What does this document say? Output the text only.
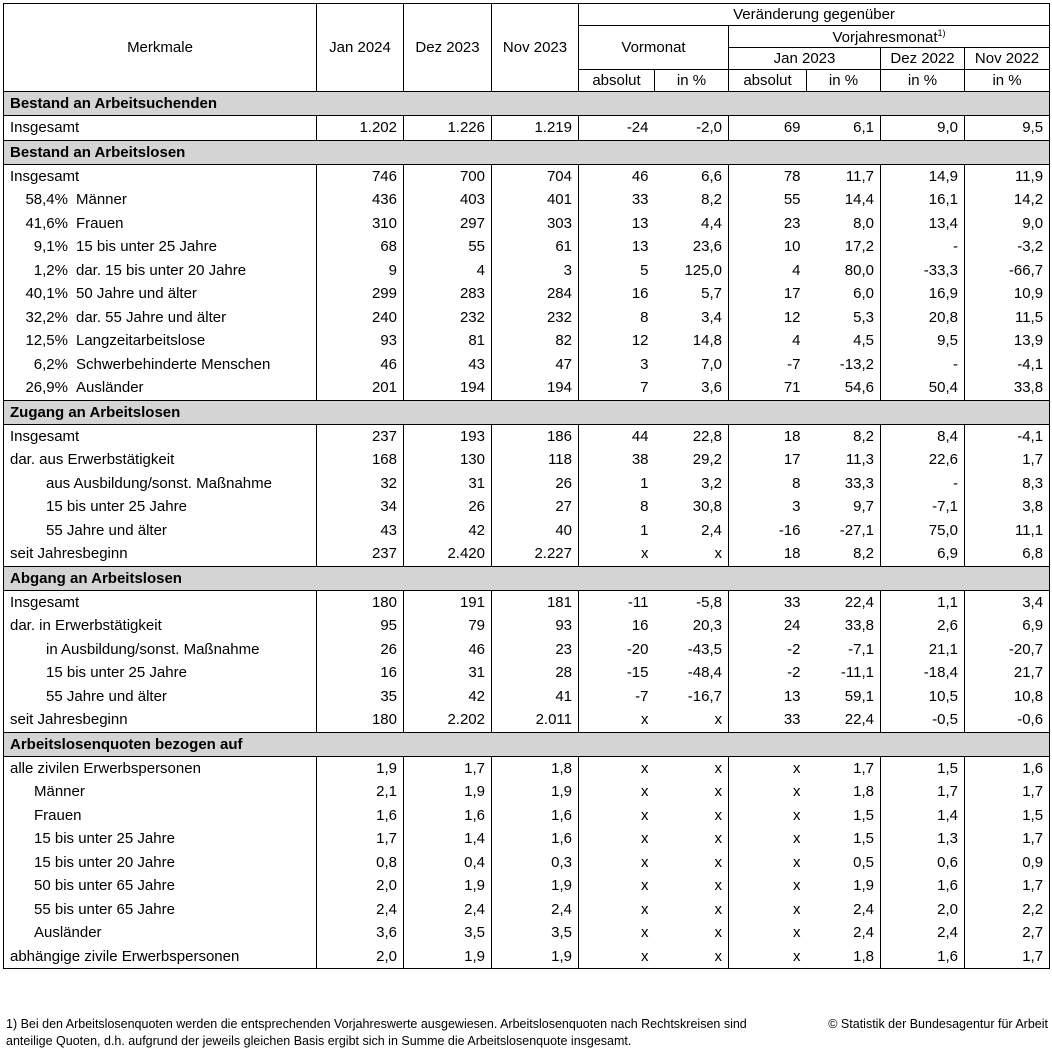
Merkmale	Jan 2024	Dez 2023	Nov 2023	Veränderung gegenüber					
				Vormonat		Vorjahresmonat$^{1)}$
						Jan 2023		Dez 2022	Nov 2022
				absolut	in %	absolut	in %	in %	in %
Bestand an Arbeitsuchenden									
Insgesamt	1.202	1.226	1.219	-24	-2,0	69	6,1	9,0	9,5
Bestand an Arbeitslosen									
Insgesamt	746	700	704	46	6,6	78	11,7	14,9	11,9
58,4% Männer	436	403	401	33	8,2	55	14,4	16,1	14,2
41,6% Frauen	310	297	303	13	4,4	23	8,0	13,4	9,0
9,1% 15 bis unter 25 Jahre	68	55	61	13	23,6	10	17,2	-	-3,2
1,2% dar. 15 bis unter 20 Jahre	9	4	3	5	125,0	4	80,0	-33,3	-66,7
40,1% 50 Jahre und älter	299	283	284	16	5,7	17	6,0	16,9	10,9
32,2% dar. 55 Jahre und älter	240	232	232	8	3,4	12	5,3	20,8	11,5
12,5% Langzeitarbeitslose	93	81	82	12	14,8	4	4,5	9,5	13,9
6,2% Schwerbehinderte Menschen	46	43	47	3	7,0	-7	-13,2	-	-4,1
26,9% Ausländer	201	194	194	7	3,6	71	54,6	50,4	33,8
Zugang an Arbeitslosen									
Insgesamt	237	193	186	44	22,8	18	8,2	8,4	-4,1
dar. aus Erwerbstätigkeit	168	130	118	38	29,2	17	11,3	22,6	1,7
aus Ausbildung/sonst. Maßnahme	32	31	26	1	3,2	8	33,3	-	8,3
15 bis unter 25 Jahre	34	26	27	8	30,8	3	9,7	-7,1	3,8
55 Jahre und älter	43	42	40	1	2,4	-16	-27,1	75,0	11,1
seit Jahresbeginn	237	2.420	2.227	x	x	18	8,2	6,9	6,8
Abgang an Arbeitslosen									
Insgesamt	180	191	181	-11	-5,8	33	22,4	1,1	3,4
dar. in Erwerbstätigkeit	95	79	93	16	20,3	24	33,8	2,6	6,9
in Ausbildung/sonst. Maßnahme	26	46	23	-20	-43,5	-2	-7,1	21,1	-20,7
15 bis unter 25 Jahre	16	31	28	-15	-48,4	-2	-11,1	-18,4	21,7
55 Jahre und älter	35	42	41	-7	-16,7	13	59,1	10,5	10,8
seit Jahresbeginn	180	2.202	2.011	x	x	33	22,4	-0,5	-0,6
Arbeitslosenquoten bezogen auf									
alle zivilen Erwerbspersonen	1,9	1,7	1,8	x	x	x	1,7	1,5	1,6
Männer	2,1	1,9	1,9	x	x	x	1,8	1,7	1,7
Frauen	1,6	1,6	1,6	x	x	x	1,5	1,4	1,5
15 bis unter 25 Jahre	1,7	1,4	1,6	x	x	x	1,5	1,3	1,7
15 bis unter 20 Jahre	0,8	0,4	0,3	x	x	x	0,5	0,6	0,9
50 bis unter 65 Jahre	2,0	1,9	1,9	x	x	x	1,9	1,6	1,7
55 bis unter 65 Jahre	2,4	2,4	2,4	x	x	x	2,4	2,0	2,2
Ausländer	3,6	3,5	3,5	x	x	x	2,4	2,4	2,7
abhängige zivile Erwerbspersonen	2,0	1,9	1,9	x	x	x	1,8	1,6	1,7
1) Bei den Arbeitslosenquoten werden die entsprechenden Vorjahreswerte ausgewiesen. Arbeitslosenquoten nach Rechtskreisen sind anteilige Quoten, d.h. aufgrund der jeweils gleichen Basis ergibt sich in Summe die Arbeitslosenquote insgesamt.
© Statistik der Bundesagentur für Arbeit
